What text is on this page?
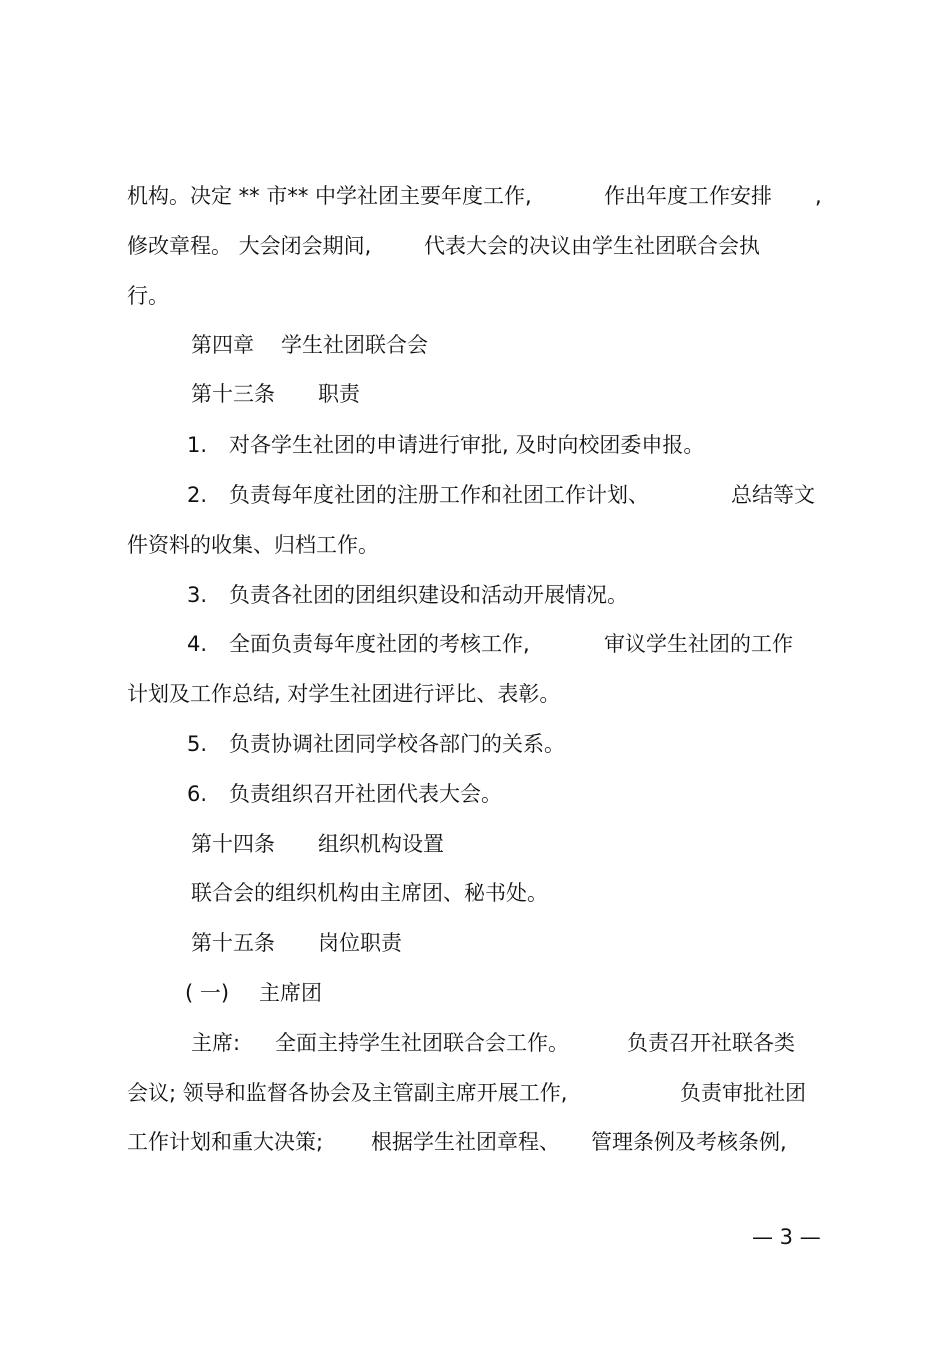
机构。决定 ** 市** 中学社团主要年度工作,	作出年度工作安排 ,
修改章程。 大会闭会期间,	代表大会的决议由学生社团联合会执
行。
第四章 学生社团联合会
第十三条 职责
1. 对各学生社团的申请进行审批, 及时向校团委申报。
2. 负责每年度社团的注册工作和社团工作计划、	总结等文
件资料的收集、归档工作。
3. 负责各社团的团组织建设和活动开展情况。
4. 全面负责每年度社团的考核工作,	审议学生社团的工作
计划及工作总结, 对学生社团进行评比、表彰。
5. 负责协调社团同学校各部门的关系。
6. 负责组织召开社团代表大会。
第十四条 组织机构设置
联合会的组织机构由主席团、秘书处。
第十五条 岗位职责
( 一) 主席团
主席: 全面主持学生社团联合会工作。	负责召开社联各类
会议; 领导和监督各协会及主管副主席开展工作,	负责审批社团
工作计划和重大决策; 根据学生社团章程、 管理条例及考核条例,
— 3 —
